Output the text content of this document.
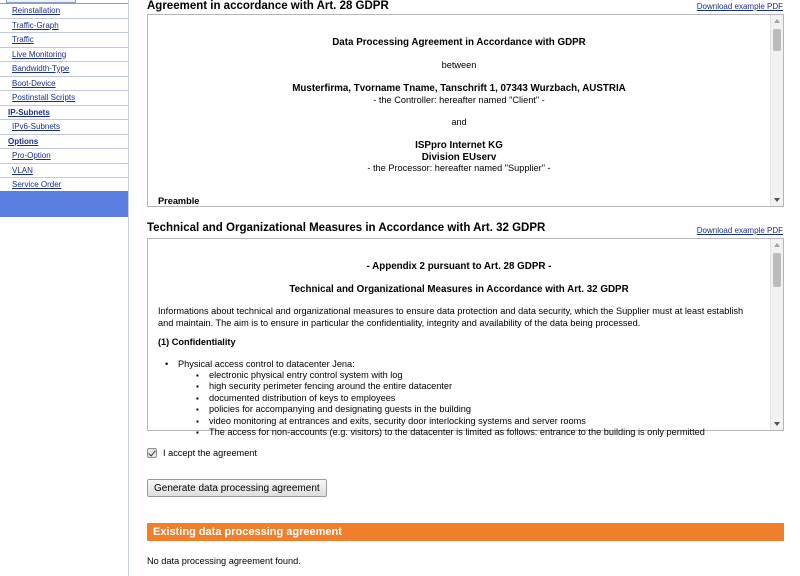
Reinstallation
Traffic-Graph
Traffic
Live Monitoring
Bandwidth-Type
Boot-Device
Postinstall Scripts
IP-Subnets
IPv6-Subnets
Options
Pro-Option
VLAN
Service Order
Agreement in accordance with Art. 28 GDPR	Download example PDF

Data Processing Agreement in Accordance with GDPR

between

Musterfirma, Tvorname Tname, Tanschrift 1, 07343 Wurzbach, AUSTRIA

- the Controller: hereafter named "Client" -

and

ISPpro Internet KG

Division EUserv

- the Processor: hereafter named "Supplier" -

Preamble

Technical and Organizational Measures in Accordance with Art. 32 GDPR	Download example PDF

- Appendix 2 pursuant to Art. 28 GDPR -

Technical and Organizational Measures in Accordance with Art. 32 GDPR

Informations about technical and organizational measures to ensure data protection and data security, which the Supplier must at least establish and maintain. The aim is to ensure in particular the confidentiality, integrity and availability of the data being processed.

(1) Confidentiality

• Physical access control to datacenter Jena:

▪ electronic physical entry control system with log
▪ high security perimeter fencing around the entire datacenter
▪ documented distribution of keys to employees
▪ policies for accompanying and designating guests in the building
▪ video monitoring at entrances and exits, security door interlocking systems and server rooms
▪ The access for non-accounts (e.g. visitors) to the datacenter is limited as follows: entrance to the building is only permitted
I accept the agreement
Generate data processing agreement
Existing data processing agreement
No data processing agreement found.
